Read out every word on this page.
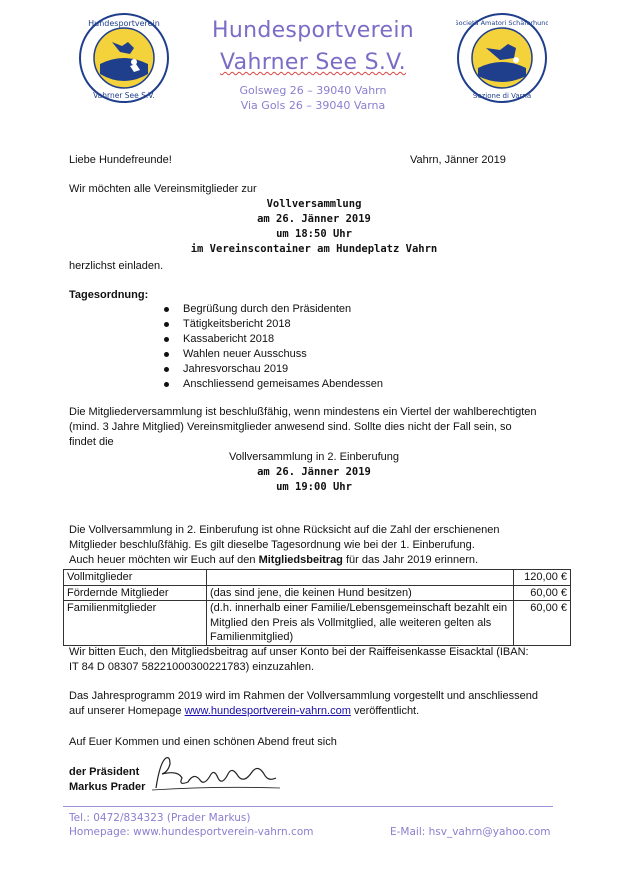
Hundesportverein
Vahrner See S.V.
Società Amatori Schäferhund
Sezione di Varna
Hundesportverein
Vahrner See S.V.
Golsweg 26 – 39040 Vahrn
Via Gols 26 – 39040 Varna
Liebe Hundefreunde!	Vahrn, Jänner 2019
Wir möchten alle Vereinsmitglieder zur
Vollversammlung
am 26. Jänner 2019
um 18:50 Uhr
im Vereinscontainer am Hundeplatz Vahrn
herzlichst einladen.
Tagesordnung:
Begrüßung durch den Präsidenten
Tätigkeitsbericht 2018
Kassabericht 2018
Wahlen neuer Ausschuss
Jahresvorschau 2019
Anschliessend gemeisames Abendessen
Die Mitgliederversammlung ist beschlußfähig, wenn mindestens ein Viertel der wahlberechtigten
(mind. 3 Jahre Mitglied) Vereinsmitglieder anwesend sind. Sollte dies nicht der Fall sein, so
findet die
Vollversammlung in 2. Einberufung
am 26. Jänner 2019
um 19:00 Uhr
Die Vollversammlung in 2. Einberufung ist ohne Rücksicht auf die Zahl der erschienenen
Mitglieder beschlußfähig. Es gilt dieselbe Tagesordnung wie bei der 1. Einberufung.
Auch heuer möchten wir Euch auf den Mitgliedsbeitrag für das Jahr 2019 erinnern.
Vollmitglieder		120,00 €
Fördernde Mitglieder	(das sind jene, die keinen Hund besitzen)	60,00 €
Familienmitglieder	(d.h. innerhalb einer Familie/Lebensgemeinschaft bezahlt ein Mitglied den Preis als Vollmitglied, alle weiteren gelten als Familienmitglied)	60,00 €
Wir bitten Euch, den Mitgliedsbeitrag auf unser Konto bei der Raiffeisenkasse Eisacktal (IBAN:
IT 84 D 08307 58221000300221783) einzuzahlen.
Das Jahresprogramm 2019 wird im Rahmen der Vollversammlung vorgestellt und anschliessend
auf unserer Homepage www.hundesportverein-vahrn.com veröffentlicht.
Auf Euer Kommen und einen schönen Abend freut sich
der Präsident
Markus Prader
Tel.: 0472/834323 (Prader Markus)
Homepage: www.hundesportverein-vahrn.com	E-Mail: hsv_vahrn@yahoo.com
